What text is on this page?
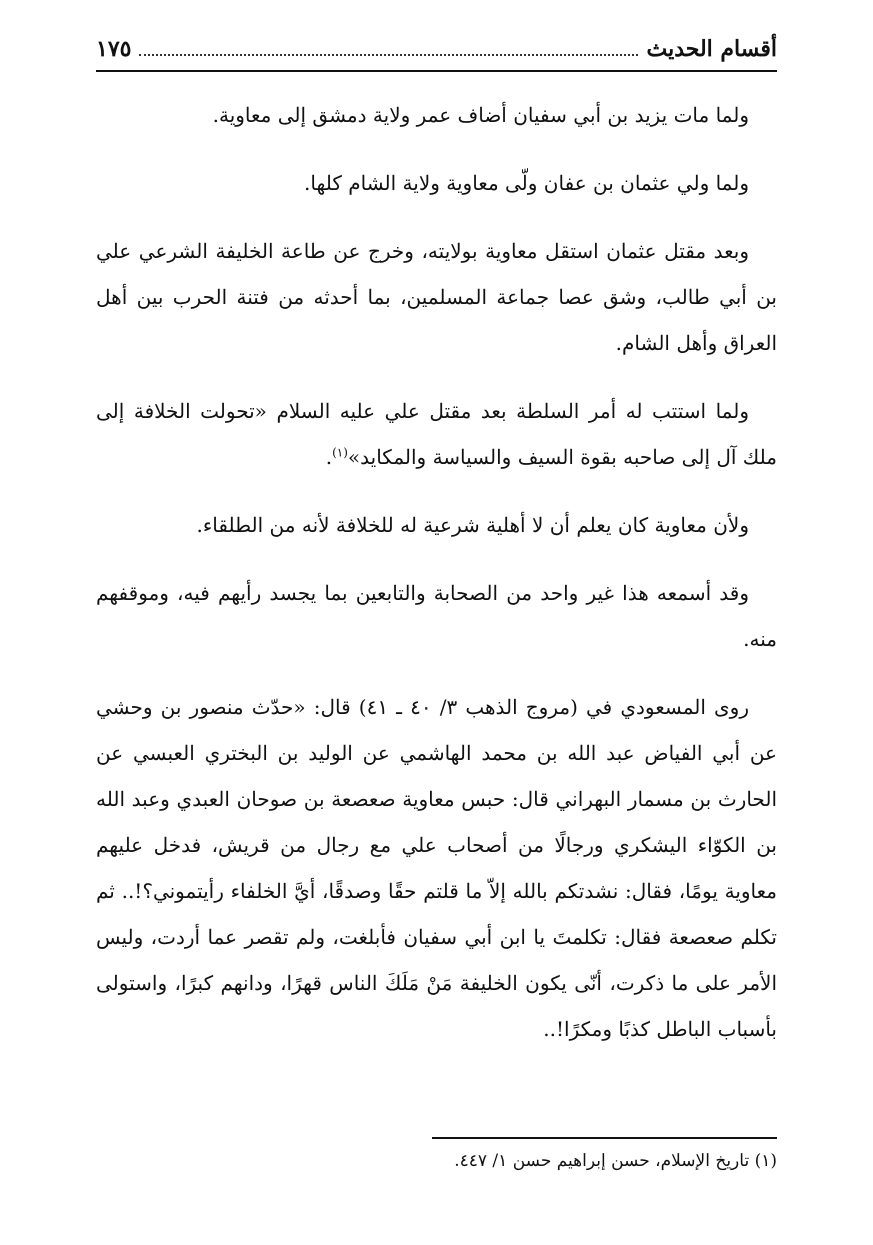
أقسام الحديث
١٧٥

ولما مات يزيد بن أبي سفيان أضاف عمر ولاية دمشق إلى معاوية.

ولما ولي عثمان بن عفان ولّى معاوية ولاية الشام كلها.

وبعد مقتل عثمان استقل معاوية بولايته، وخرج عن طاعة الخليفة الشرعي علي بن أبي طالب، وشق عصا جماعة المسلمين، بما أحدثه من فتنة الحرب بين أهل العراق وأهل الشام.

ولما استتب له أمر السلطة بعد مقتل علي عليه السلام «تحولت الخلافة إلى ملك آل إلى صاحبه بقوة السيف والسياسة والمكايد»$^{(١)}$.

ولأن معاوية كان يعلم أن لا أهلية شرعية له للخلافة لأنه من الطلقاء.

وقد أسمعه هذا غير واحد من الصحابة والتابعين بما يجسد رأيهم فيه، وموقفهم منه.

روى المسعودي في (مروج الذهب ٣/ ٤٠ ـ ٤١) قال: «حدّث منصور بن وحشي عن أبي الفياض عبد الله بن محمد الهاشمي عن الوليد بن البختري العبسي عن الحارث بن مسمار البهراني قال: حبس معاوية صعصعة بن صوحان العبدي وعبد الله بن الكوّاء اليشكري ورجالًا من أصحاب علي مع رجال من قريش، فدخل عليهم معاوية يومًا، فقال: نشدتكم بالله إلاّ ما قلتم حقًا وصدقًا، أيَّ الخلفاء رأيتموني؟!.. ثم تكلم صعصعة فقال: تكلمتَ يا ابن أبي سفيان فأبلغت، ولم تقصر عما أردت، وليس الأمر على ما ذكرت، أنّى يكون الخليفة مَنْ مَلَكَ الناس قهرًا، ودانهم كبرًا، واستولى بأسباب الباطل كذبًا ومكرًا!..

(١) تاريخ الإسلام، حسن إبراهيم حسن ١/ ٤٤٧.
